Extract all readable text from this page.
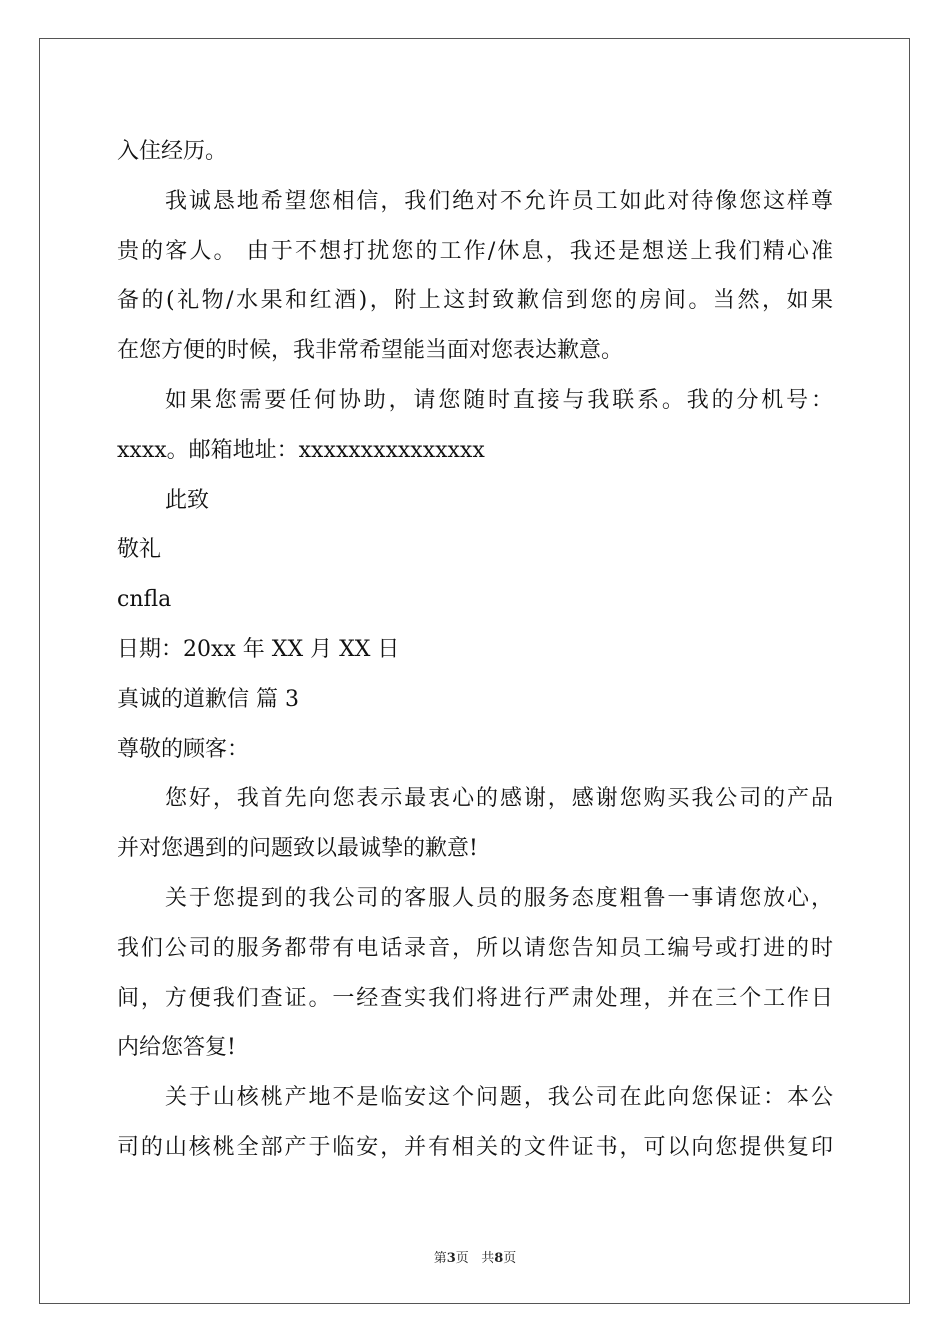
入住经历。
我诚恳地希望您相信，我们绝对不允许员工如此对待像您这样尊
贵的客人。 由于不想打扰您的工作/休息，我还是想送上我们精心准
备的(礼物/水果和红酒)，附上这封致歉信到您的房间。当然，如果
在您方便的时候，我非常希望能当面对您表达歉意。
如果您需要任何协助，请您随时直接与我联系。我的分机号：
xxxx。邮箱地址：xxxxxxxxxxxxxxx
此致
敬礼
cnfla
日期：20xx 年 XX 月 XX 日
真诚的道歉信 篇 3
尊敬的顾客：
您好，我首先向您表示最衷心的感谢，感谢您购买我公司的产品
并对您遇到的问题致以最诚挚的歉意!
关于您提到的我公司的客服人员的服务态度粗鲁一事请您放心，
我们公司的服务都带有电话录音，所以请您告知员工编号或打进的时
间，方便我们查证。一经查实我们将进行严肃处理，并在三个工作日
内给您答复!
关于山核桃产地不是临安这个问题，我公司在此向您保证：本公
司的山核桃全部产于临安，并有相关的文件证书，可以向您提供复印
第3页 共8页
